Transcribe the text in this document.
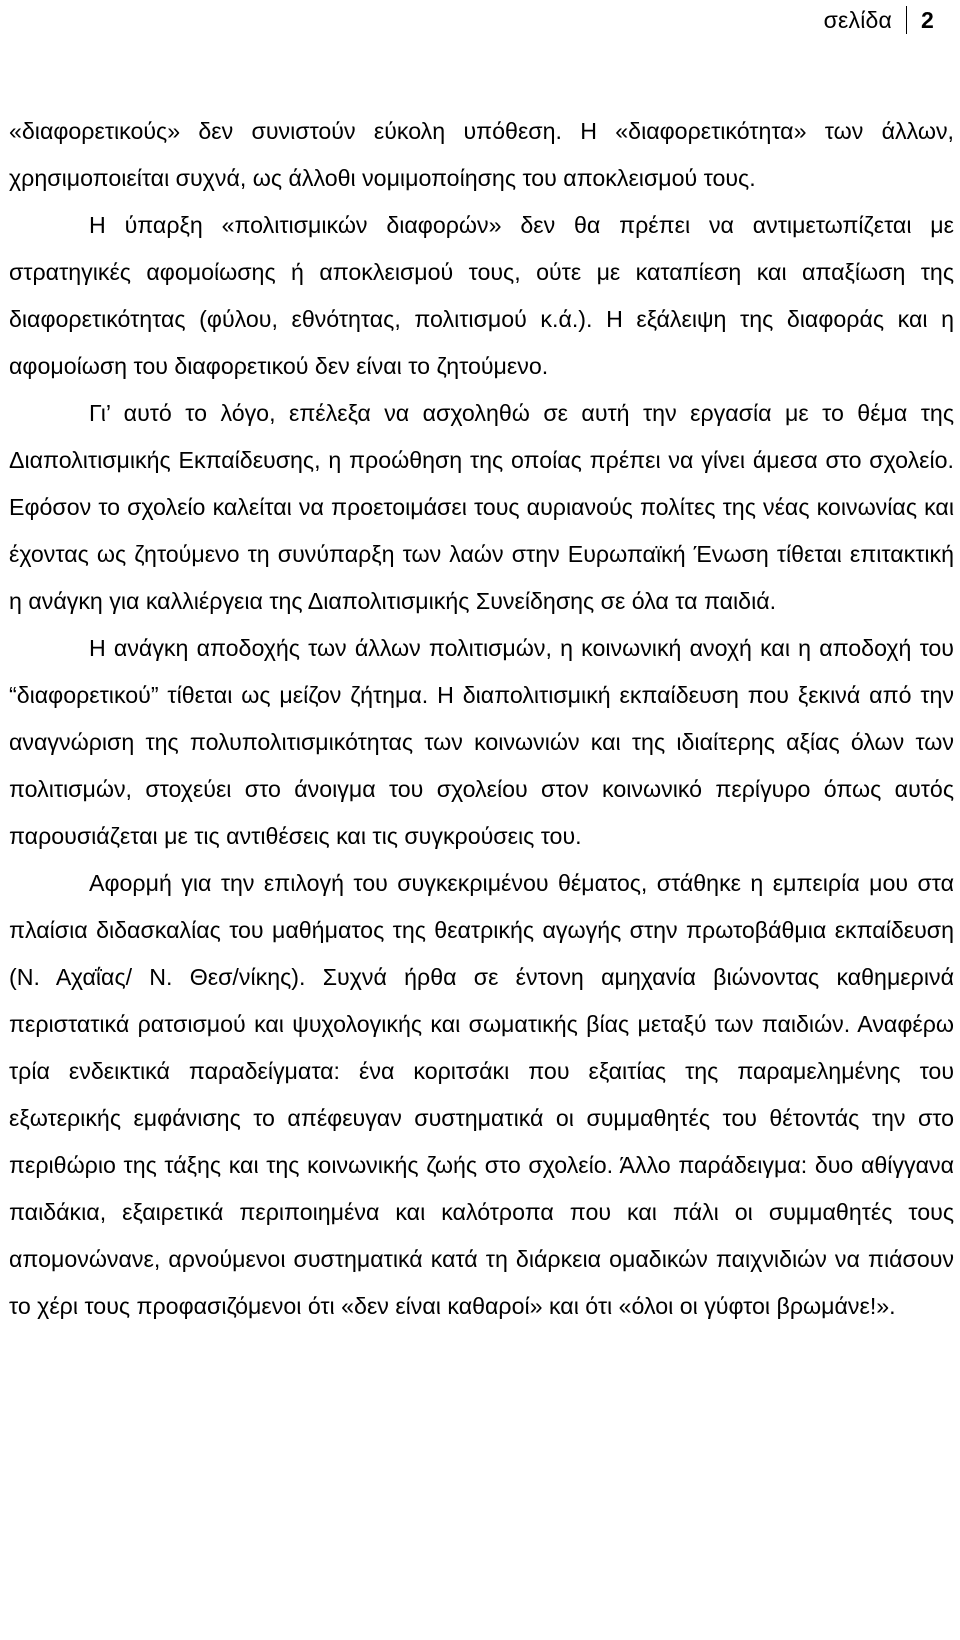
σελίδα 2

«διαφορετικούς» δεν συνιστούν εύκολη υπόθεση. Η «διαφορετικότητα» των άλλων, χρησιμοποιείται συχνά, ως άλλοθι νομιμοποίησης του αποκλεισμού τους.

Η ύπαρξη «πολιτισμικών διαφορών» δεν θα πρέπει να αντιμετωπίζεται με στρατηγικές αφομοίωσης ή αποκλεισμού τους, ούτε με καταπίεση και απαξίωση της διαφορετικότητας (φύλου, εθνότητας, πολιτισμού κ.ά.). Η εξάλειψη της διαφοράς και η αφομοίωση του διαφορετικού δεν είναι το ζητούμενο.

Γι’ αυτό το λόγο, επέλεξα να ασχοληθώ σε αυτή την εργασία με το θέμα της Διαπολιτισμικής Εκπαίδευσης, η προώθηση της οποίας πρέπει να γίνει άμεσα στο σχολείο. Εφόσον το σχολείο καλείται να προετοιμάσει τους αυριανούς πολίτες της νέας κοινωνίας και έχοντας ως ζητούμενο τη συνύπαρξη των λαών στην Ευρωπαϊκή Ένωση τίθεται επιτακτική η ανάγκη για καλλιέργεια της Διαπολιτισμικής Συνείδησης σε όλα τα παιδιά.

Η ανάγκη αποδοχής των άλλων πολιτισμών, η κοινωνική ανοχή και η αποδοχή του “διαφορετικού” τίθεται ως μείζον ζήτημα. Η διαπολιτισμική εκπαίδευση που ξεκινά από την αναγνώριση της πολυπολιτισμικότητας των κοινωνιών και της ιδιαίτερης αξίας όλων των πολιτισμών, στοχεύει στο άνοιγμα του σχολείου στον κοινωνικό περίγυρο όπως αυτός παρουσιάζεται με τις αντιθέσεις και τις συγκρούσεις του.

Αφορμή για την επιλογή του συγκεκριμένου θέματος, στάθηκε η εμπειρία μου στα πλαίσια διδασκαλίας του μαθήματος της θεατρικής αγωγής στην πρωτοβάθμια εκπαίδευση (Ν. Αχαΐας/ Ν. Θεσ/νίκης). Συχνά ήρθα σε έντονη αμηχανία βιώνοντας καθημερινά περιστατικά ρατσισμού και ψυχολογικής και σωματικής βίας μεταξύ των παιδιών. Αναφέρω τρία ενδεικτικά παραδείγματα: ένα κοριτσάκι που εξαιτίας της παραμελημένης του εξωτερικής εμφάνισης το απέφευγαν συστηματικά οι συμμαθητές του θέτοντάς την στο περιθώριο της τάξης και της κοινωνικής ζωής στο σχολείο. Άλλο παράδειγμα: δυο αθίγγανα παιδάκια, εξαιρετικά περιποιημένα και καλότροπα που και πάλι οι συμμαθητές τους απομονώνανε, αρνούμενοι συστηματικά κατά τη διάρκεια ομαδικών παιχνιδιών να πιάσουν το χέρι τους προφασιζόμενοι ότι «δεν είναι καθαροί» και ότι «όλοι οι γύφτοι βρωμάνε!».
